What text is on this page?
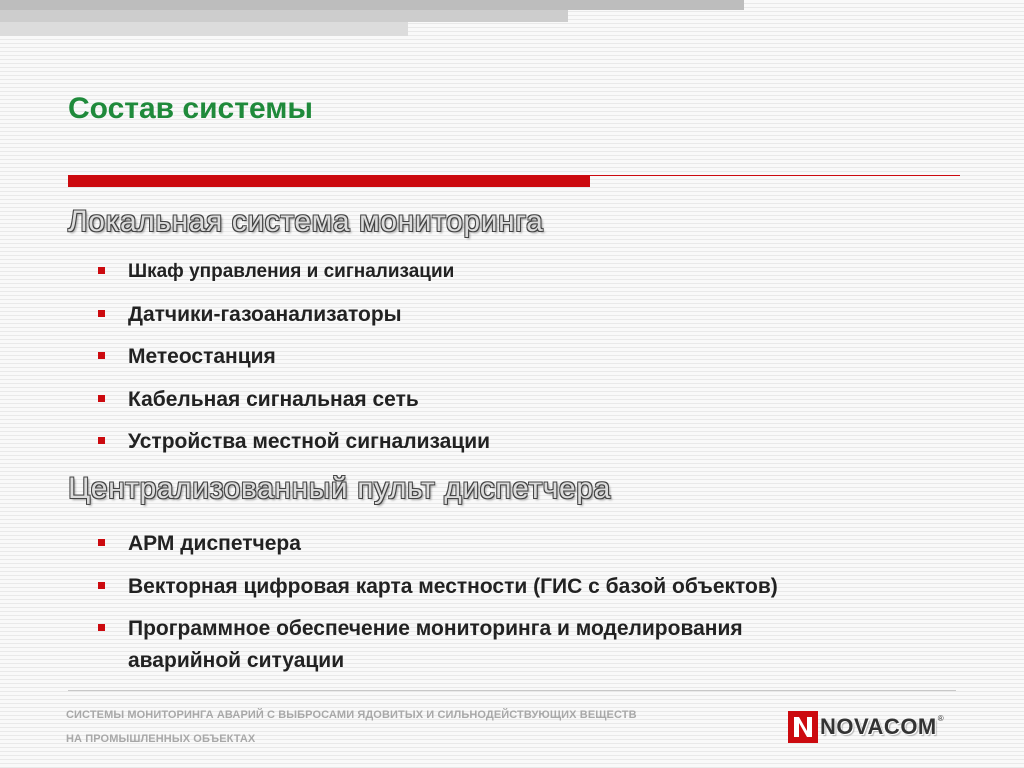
Состав системы
Локальная система мониторинга
Шкаф управления и сигнализации
Датчики-газоанализаторы
Метеостанция
Кабельная сигнальная сеть
Устройства местной сигнализации
Централизованный пульт диспетчера
АРМ диспетчера
Векторная цифровая карта местности (ГИС с базой объектов)
Программное обеспечение мониторинга и моделирования
аварийной ситуации

СИСТЕМЫ МОНИТОРИНГА АВАРИЙ С ВЫБРОСАМИ ЯДОВИТЫХ И СИЛЬНОДЕЙСТВУЮЩИХ ВЕЩЕСТВ

НА ПРОМЫШЛЕННЫХ ОБЪЕКТАХ	NOVACOM ®
